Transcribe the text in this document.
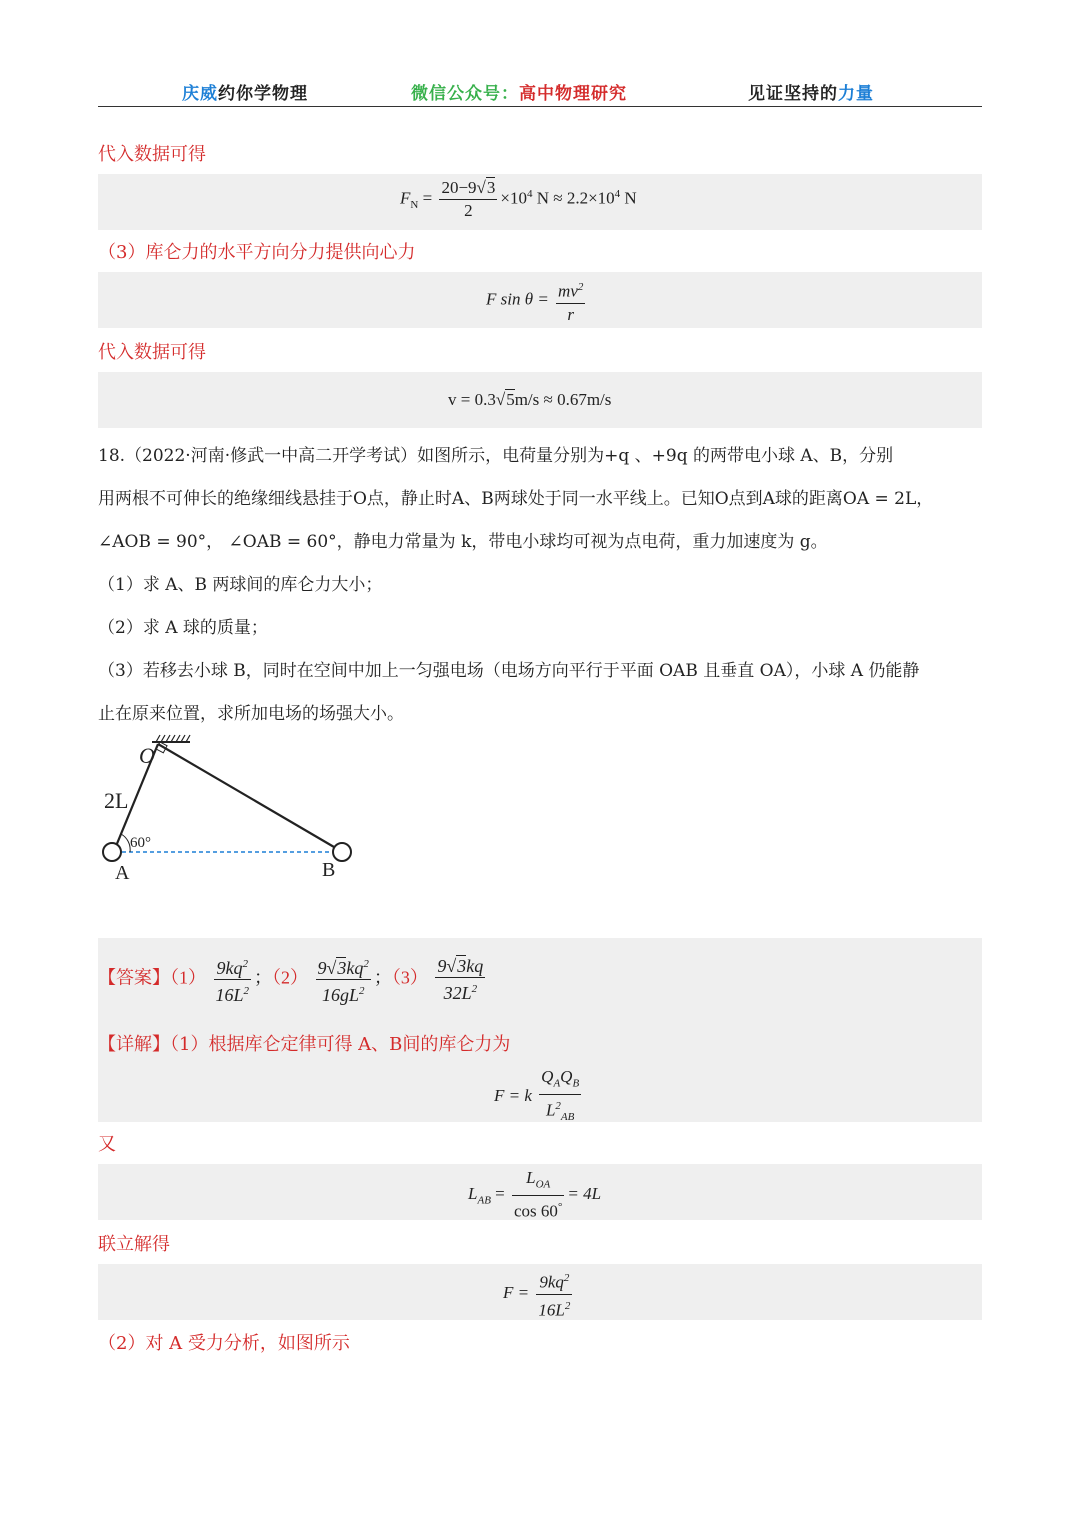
庆威约你学物理	微信公众号：高中物理研究	见证坚持的力量
代入数据可得
$F_N = \frac{20-9√3}{2} \times 10^4$ $N \approx 2.2\times 10^4$ N
（3）库仑力的水平方向分力提供向心力
F $\sin \theta = \frac{mv^2}{r}$
代入数据可得
v = 0.3√5m/s ≈ 0.67m/s
18.（2022·河南·修武一中高二开学考试）如图所示，电荷量分别为+q 、+9q 的两带电小球 A、B，分别
用两根不可伸长的绝缘细线悬挂于O点，静止时A、B两球处于同一水平线上。已知O点到A球的距离OA = 2L，
∠AOB = 90°， ∠OAB = 60°，静电力常量为 k，带电小球均可视为点电荷，重力加速度为 g。
（1）求 A、B 两球间的库仑力大小；
（2）求 A 球的质量；
（3）若移去小球 B，同时在空间中加上一匀强电场（电场方向平行于平面 OAB 且垂直 OA），小球 A 仍能静
止在原来位置，求所加电场的场强大小。
O
2L
60°
A	B
【答案】$(1) \frac{9kq^2}{16L^2}$ ；$(2) \frac{9√3kq^2}{16gL^2}$ ；$(3) \frac{9√3kq}{32L^2}$
【详解】（1）根据库仑定律可得 A、B间的库仑力为
F = k $\frac{Q_AQ_B}{L^2_{AB}}$
又
$L_{AB} = \frac{L_{OA}}{\cos 60^\circ} = 4L$
联立解得
$F = \frac{9kq^2}{16L^2}$
（2）对 A 受力分析，如图所示
